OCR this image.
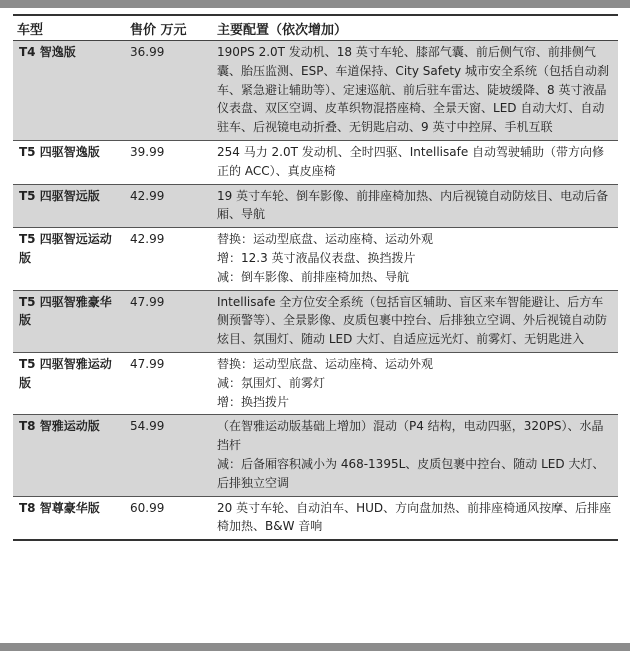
车型	售价 万元	主要配置（依次增加）
T4 智逸版	36.99	190PS 2.0T 发动机、18 英寸车轮、膝部气囊、前后侧气帘、前排侧气囊、胎压监测、ESP、车道保持、City Safety 城市安全系统（包括自动刹车、紧急避让辅助等）、定速巡航、前后驻车雷达、陡坡缓降、8 英寸液晶仪表盘、双区空调、皮革织物混搭座椅、全景天窗、LED 自动大灯、自动驻车、后视镜电动折叠、无钥匙启动、9 英寸中控屏、手机互联
T5 四驱智逸版	39.99	254 马力 2.0T 发动机、全时四驱、Intellisafe 自动驾驶辅助（带方向修正的 ACC）、真皮座椅
T5 四驱智远版	42.99	19 英寸车轮、倒车影像、前排座椅加热、内后视镜自动防炫目、电动后备厢、导航
T5 四驱智远运动版	42.99	替换：运动型底盘、运动座椅、运动外观
增：12.3 英寸液晶仪表盘、换挡拨片
减：倒车影像、前排座椅加热、导航

T5 四驱智雅豪华版	47.99	Intellisafe 全方位安全系统（包括盲区辅助、盲区来车智能避让、后方车侧预警等）、全景影像、皮质包裹中控台、后排独立空调、外后视镜自动防炫目、氛围灯、随动 LED 大灯、自适应远光灯、前雾灯、无钥匙进入
T5 四驱智雅运动版	47.99	替换：运动型底盘、运动座椅、运动外观
减：氛围灯、前雾灯
增：换挡拨片

T8 智雅运动版	54.99	（在智雅运动版基础上增加）混动（P4 结构，电动四驱，320PS）、水晶挡杆
减：后备厢容积减小为 468-1395L、皮质包裹中控台、随动 LED 大灯、后排独立空调

T8 智尊豪华版	60.99	20 英寸车轮、自动泊车、HUD、方向盘加热、前排座椅通风按摩、后排座椅加热、B&W 音响
